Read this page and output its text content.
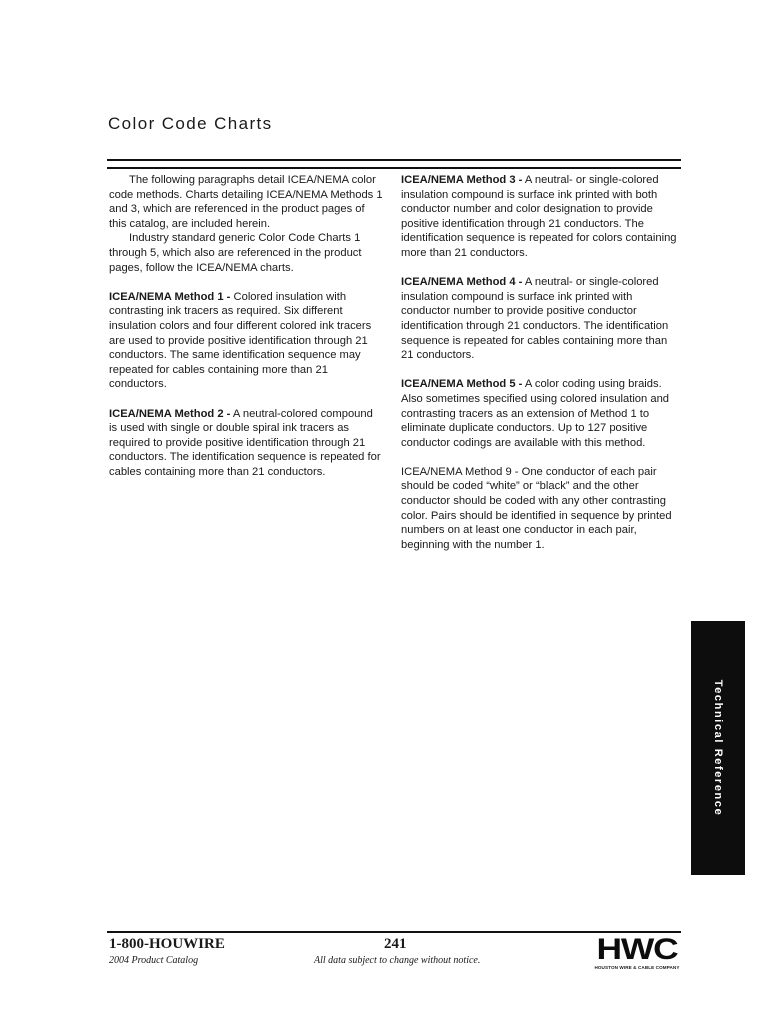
Color Code Charts

The following paragraphs detail ICEA/NEMA color code methods. Charts detailing ICEA/NEMA Methods 1 and 3, which are referenced in the product pages of this catalog, are included herein.

Industry standard generic Color Code Charts 1 through 5, which also are referenced in the product pages, follow the ICEA/NEMA charts.

ICEA/NEMA Method 1 - Colored insulation with contrasting ink tracers as required. Six different insulation colors and four different colored ink tracers are used to provide positive identification through 21 conductors. The same identification sequence may repeated for cables containing more than 21 conductors.

ICEA/NEMA Method 2 - A neutral-colored compound is used with single or double spiral ink tracers as required to provide positive identification through 21 conductors. The identification sequence is repeated for cables containing more than 21 conductors.

ICEA/NEMA Method 3 - A neutral- or single-colored insulation compound is surface ink printed with both conductor number and color designation to provide positive identification through 21 conductors. The identification sequence is repeated for colors containing more than 21 conductors.

ICEA/NEMA Method 4 - A neutral- or single-colored insulation compound is surface ink printed with conductor number to provide positive conductor identification through 21 conductors. The identification sequence is repeated for cables containing more than 21 conductors.

ICEA/NEMA Method 5 - A color coding using braids. Also sometimes specified using colored insulation and contrasting tracers as an extension of Method 1 to eliminate duplicate conductors. Up to 127 positive conductor codings are available with this method.

ICEA/NEMA Method 9 - One conductor of each pair should be coded “white” or “black” and the other conductor should be coded with any other contrasting color. Pairs should be identified in sequence by printed numbers on at least one conductor in each pair, beginning with the number 1.

Technical Reference
1-800-HOUWIRE
2004 Product Catalog
241
All data subject to change without notice.	HWC
HOUSTON WIRE & CABLE COMPANY
